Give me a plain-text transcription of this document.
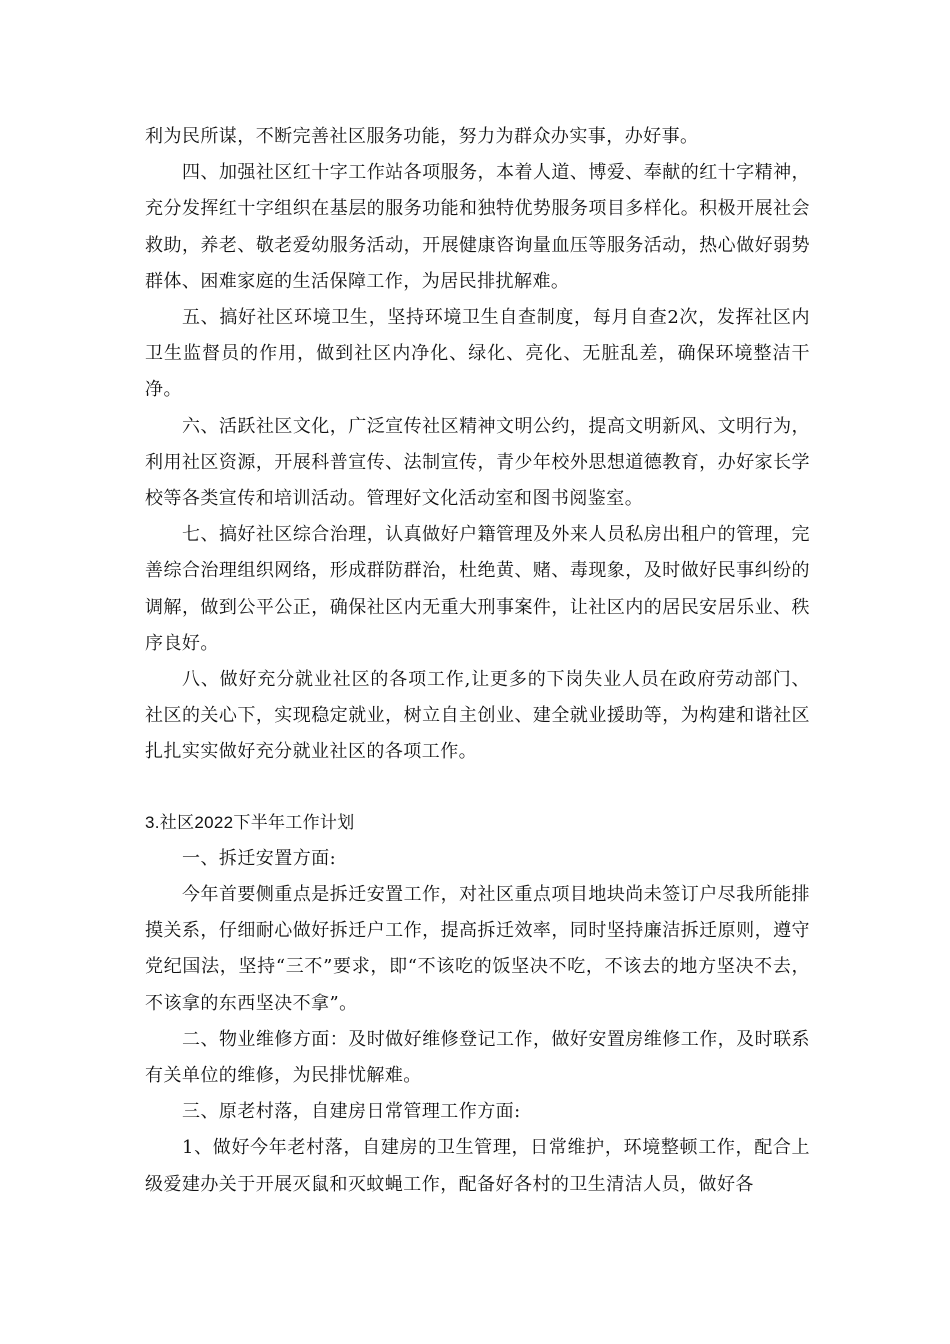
利为民所谋，不断完善社区服务功能，努力为群众办实事，办好事。

四、加强社区红十字工作站各项服务，本着人道、博爱、奉献的红十字精神，充分发挥红十字组织在基层的服务功能和独特优势服务项目多样化。积极开展社会救助，养老、敬老爱幼服务活动，开展健康咨询量血压等服务活动，热心做好弱势群体、困难家庭的生活保障工作，为居民排扰解难。

五、搞好社区环境卫生，坚持环境卫生自查制度，每月自查2次，发挥社区内卫生监督员的作用，做到社区内净化、绿化、亮化、无脏乱差，确保环境整洁干净。

六、活跃社区文化，广泛宣传社区精神文明公约，提高文明新风、文明行为，利用社区资源，开展科普宣传、法制宣传，青少年校外思想道德教育，办好家长学校等各类宣传和培训活动。管理好文化活动室和图书阅鉴室。

七、搞好社区综合治理，认真做好户籍管理及外来人员私房出租户的管理，完善综合治理组织网络，形成群防群治，杜绝黄、赌、毒现象，及时做好民事纠纷的调解，做到公平公正，确保社区内无重大刑事案件，让社区内的居民安居乐业、秩序良好。

八、做好充分就业社区的各项工作,让更多的下岗失业人员在政府劳动部门、社区的关心下，实现稳定就业，树立自主创业、建全就业援助等，为构建和谐社区扎扎实实做好充分就业社区的各项工作。

3.社区2022下半年工作计划

一、拆迁安置方面:

今年首要侧重点是拆迁安置工作，对社区重点项目地块尚未签订户尽我所能排摸关系，仔细耐心做好拆迁户工作，提高拆迁效率，同时坚持廉洁拆迁原则，遵守党纪国法，坚持“三不”要求，即“不该吃的饭坚决不吃，不该去的地方坚决不去，不该拿的东西坚决不拿”。

二、物业维修方面：及时做好维修登记工作，做好安置房维修工作，及时联系有关单位的维修，为民排忧解难。

三、原老村落，自建房日常管理工作方面:

1、做好今年老村落，自建房的卫生管理，日常维护，环境整顿工作，配合上级爱建办关于开展灭鼠和灭蚊蝇工作，配备好各村的卫生清洁人员，做好各
